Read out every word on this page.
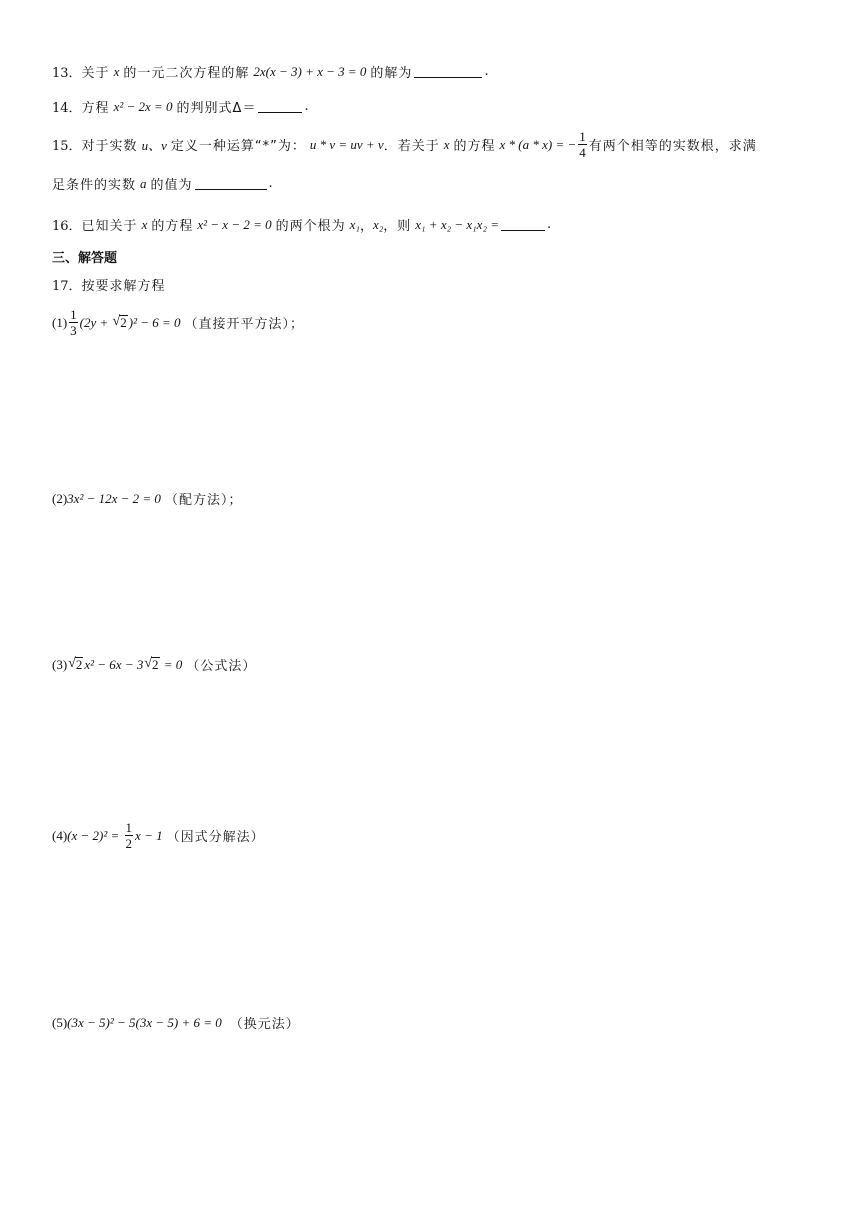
13． 关于 x 的一元二次方程的解 2x(x − 3) + x − 3 = 0 的解为	.
14． 方程 x² − 2x = 0 的判别式Δ＝	.
15． 对于实数 u、v 定义一种运算“*”为： u * v = uv + v ．若关于 x 的方程 x * (a * x) = − $\frac{1}{4}$ 有两个相等的实数根，求满
足条件的实数 a 的值为	.
16． 已知关于 x 的方程 x² − x − 2 = 0 的两个根为 x₁ ， x₂ ，则 x₁ + x₂ − x₁x₂ =	.
三、解答题
17． 按要求解方程
$(1) \frac{1}{3} (2y$ + √ 2 )² − 6 = 0 （直接开平方法）；
(2) 3x² − 12x − 2 = 0 （配方法）；
(3) √ 2 x² − 6x − 3 √ 2 = 0 （公式法）
(4) $(x - 2)^2 = \frac{1}{2}$ x − 1 （因式分解法）
(5) (3x − 5)² − 5(3x − 5) + 6 = 0 （换元法）
